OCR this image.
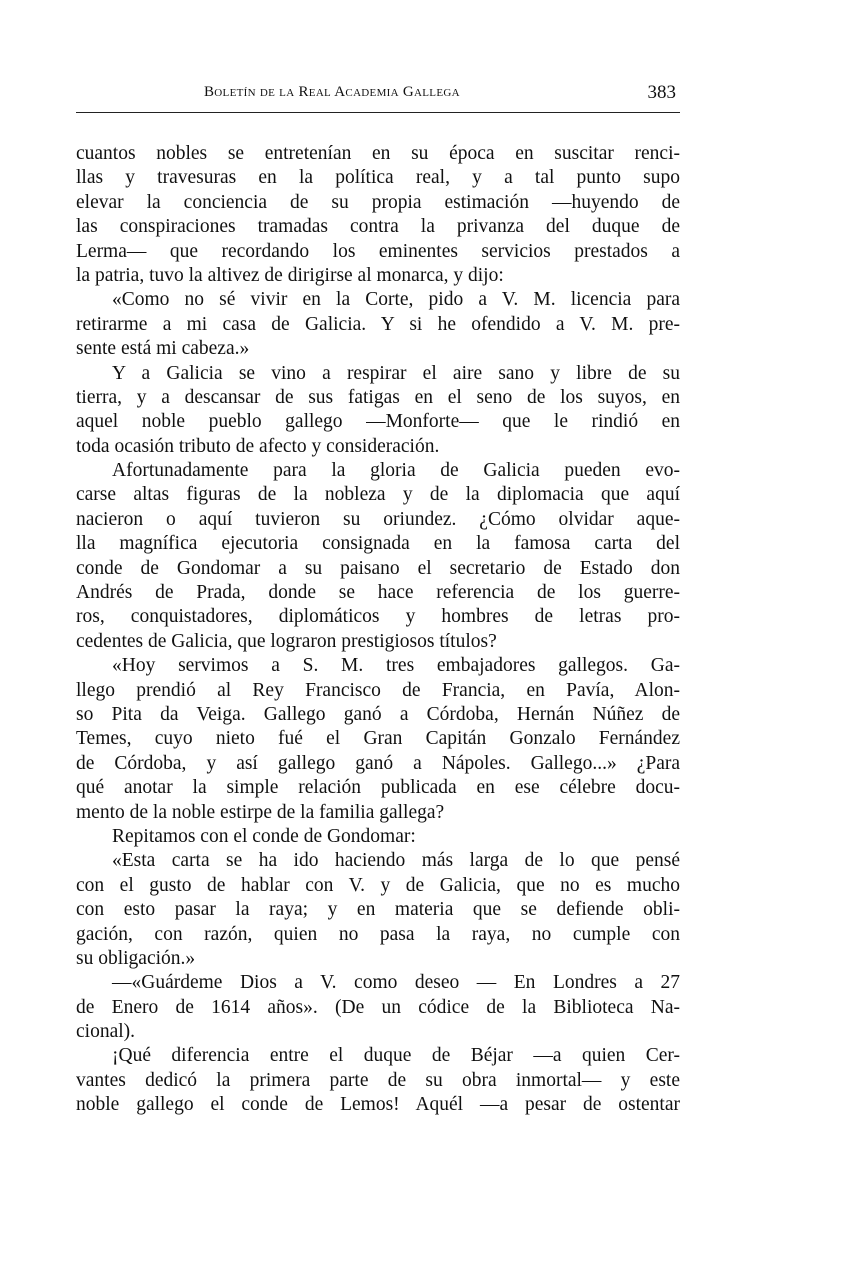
Boletín de la Real Academia Gallega	383
cuantos nobles se entretenían en su época en suscitar renci-
llas y travesuras en la política real, y a tal punto supo
elevar la conciencia de su propia estimación —huyendo de
las conspiraciones tramadas contra la privanza del duque de
Lerma— que recordando los eminentes servicios prestados a
la patria, tuvo la altivez de dirigirse al monarca, y dijo:
«Como no sé vivir en la Corte, pido a V. M. licencia para
retirarme a mi casa de Galicia. Y si he ofendido a V. M. pre-
sente está mi cabeza.»
Y a Galicia se vino a respirar el aire sano y libre de su
tierra, y a descansar de sus fatigas en el seno de los suyos, en
aquel noble pueblo gallego —Monforte— que le rindió en
toda ocasión tributo de afecto y consideración.
Afortunadamente para la gloria de Galicia pueden evo-
carse altas figuras de la nobleza y de la diplomacia que aquí
nacieron o aquí tuvieron su oriundez. ¿Cómo olvidar aque-
lla magnífica ejecutoria consignada en la famosa carta del
conde de Gondomar a su paisano el secretario de Estado don
Andrés de Prada, donde se hace referencia de los guerre-
ros, conquistadores, diplomáticos y hombres de letras pro-
cedentes de Galicia, que lograron prestigiosos títulos?
«Hoy servimos a S. M. tres embajadores gallegos. Ga-
llego prendió al Rey Francisco de Francia, en Pavía, Alon-
so Pita da Veiga. Gallego ganó a Córdoba, Hernán Núñez de
Temes, cuyo nieto fué el Gran Capitán Gonzalo Fernández
de Córdoba, y así gallego ganó a Nápoles. Gallego...» ¿Para
qué anotar la simple relación publicada en ese célebre docu-
mento de la noble estirpe de la familia gallega?
Repitamos con el conde de Gondomar:
«Esta carta se ha ido haciendo más larga de lo que pensé
con el gusto de hablar con V. y de Galicia, que no es mucho
con esto pasar la raya; y en materia que se defiende obli-
gación, con razón, quien no pasa la raya, no cumple con
su obligación.»
—«Guárdeme Dios a V. como deseo — En Londres a 27
de Enero de 1614 años». (De un códice de la Biblioteca Na-
cional).
¡Qué diferencia entre el duque de Béjar —a quien Cer-
vantes dedicó la primera parte de su obra inmortal— y este
noble gallego el conde de Lemos! Aquél —a pesar de ostentar
